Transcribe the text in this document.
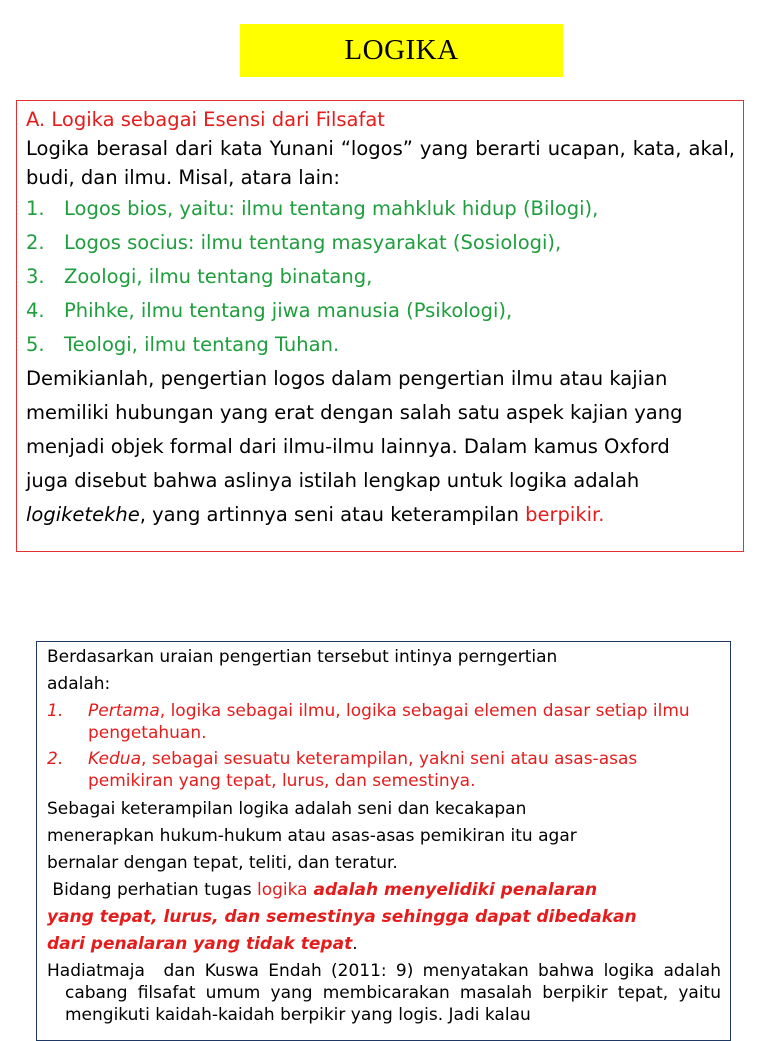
LOGIKA
A. Logika sebagai Esensi dari Filsafat
Logika berasal dari kata Yunani “logos” yang berarti ucapan, kata, akal, budi, dan ilmu. Misal, atara lain:
1. Logos bios, yaitu: ilmu tentang mahkluk hidup (Bilogi),
2. Logos socius: ilmu tentang masyarakat (Sosiologi),
3. Zoologi, ilmu tentang binatang,
4. Phihke, ilmu tentang jiwa manusia (Psikologi),
5. Teologi, ilmu tentang Tuhan.
Demikianlah, pengertian logos dalam pengertian ilmu atau kajian
memiliki hubungan yang erat dengan salah satu aspek kajian yang
menjadi objek formal dari ilmu-ilmu lainnya. Dalam kamus Oxford
juga disebut bahwa aslinya istilah lengkap untuk logika adalah
logiketekhe, yang artinnya seni atau keterampilan berpikir.
Berdasarkan uraian pengertian tersebut intinya perngertian
adalah:
1.	Pertama, logika sebagai ilmu, logika sebagai elemen dasar setiap ilmu pengetahuan.
2.	Kedua, sebagai sesuatu keterampilan, yakni seni atau asas-asas pemikiran yang tepat, lurus, dan semestinya.
Sebagai keterampilan logika adalah seni dan kecakapan
menerapkan hukum-hukum atau asas-asas pemikiran itu agar
bernalar dengan tepat, teliti, dan teratur.
Bidang perhatian tugas logika adalah menyelidiki penalaran
yang tepat, lurus, dan semestinya sehingga dapat dibedakan
dari penalaran yang tidak tepat.
Hadiatmaja  dan Kuswa Endah (2011: 9) menyatakan bahwa logika adalah cabang filsafat umum yang membicarakan masalah berpikir tepat, yaitu mengikuti kaidah-kaidah berpikir yang logis. Jadi kalau
